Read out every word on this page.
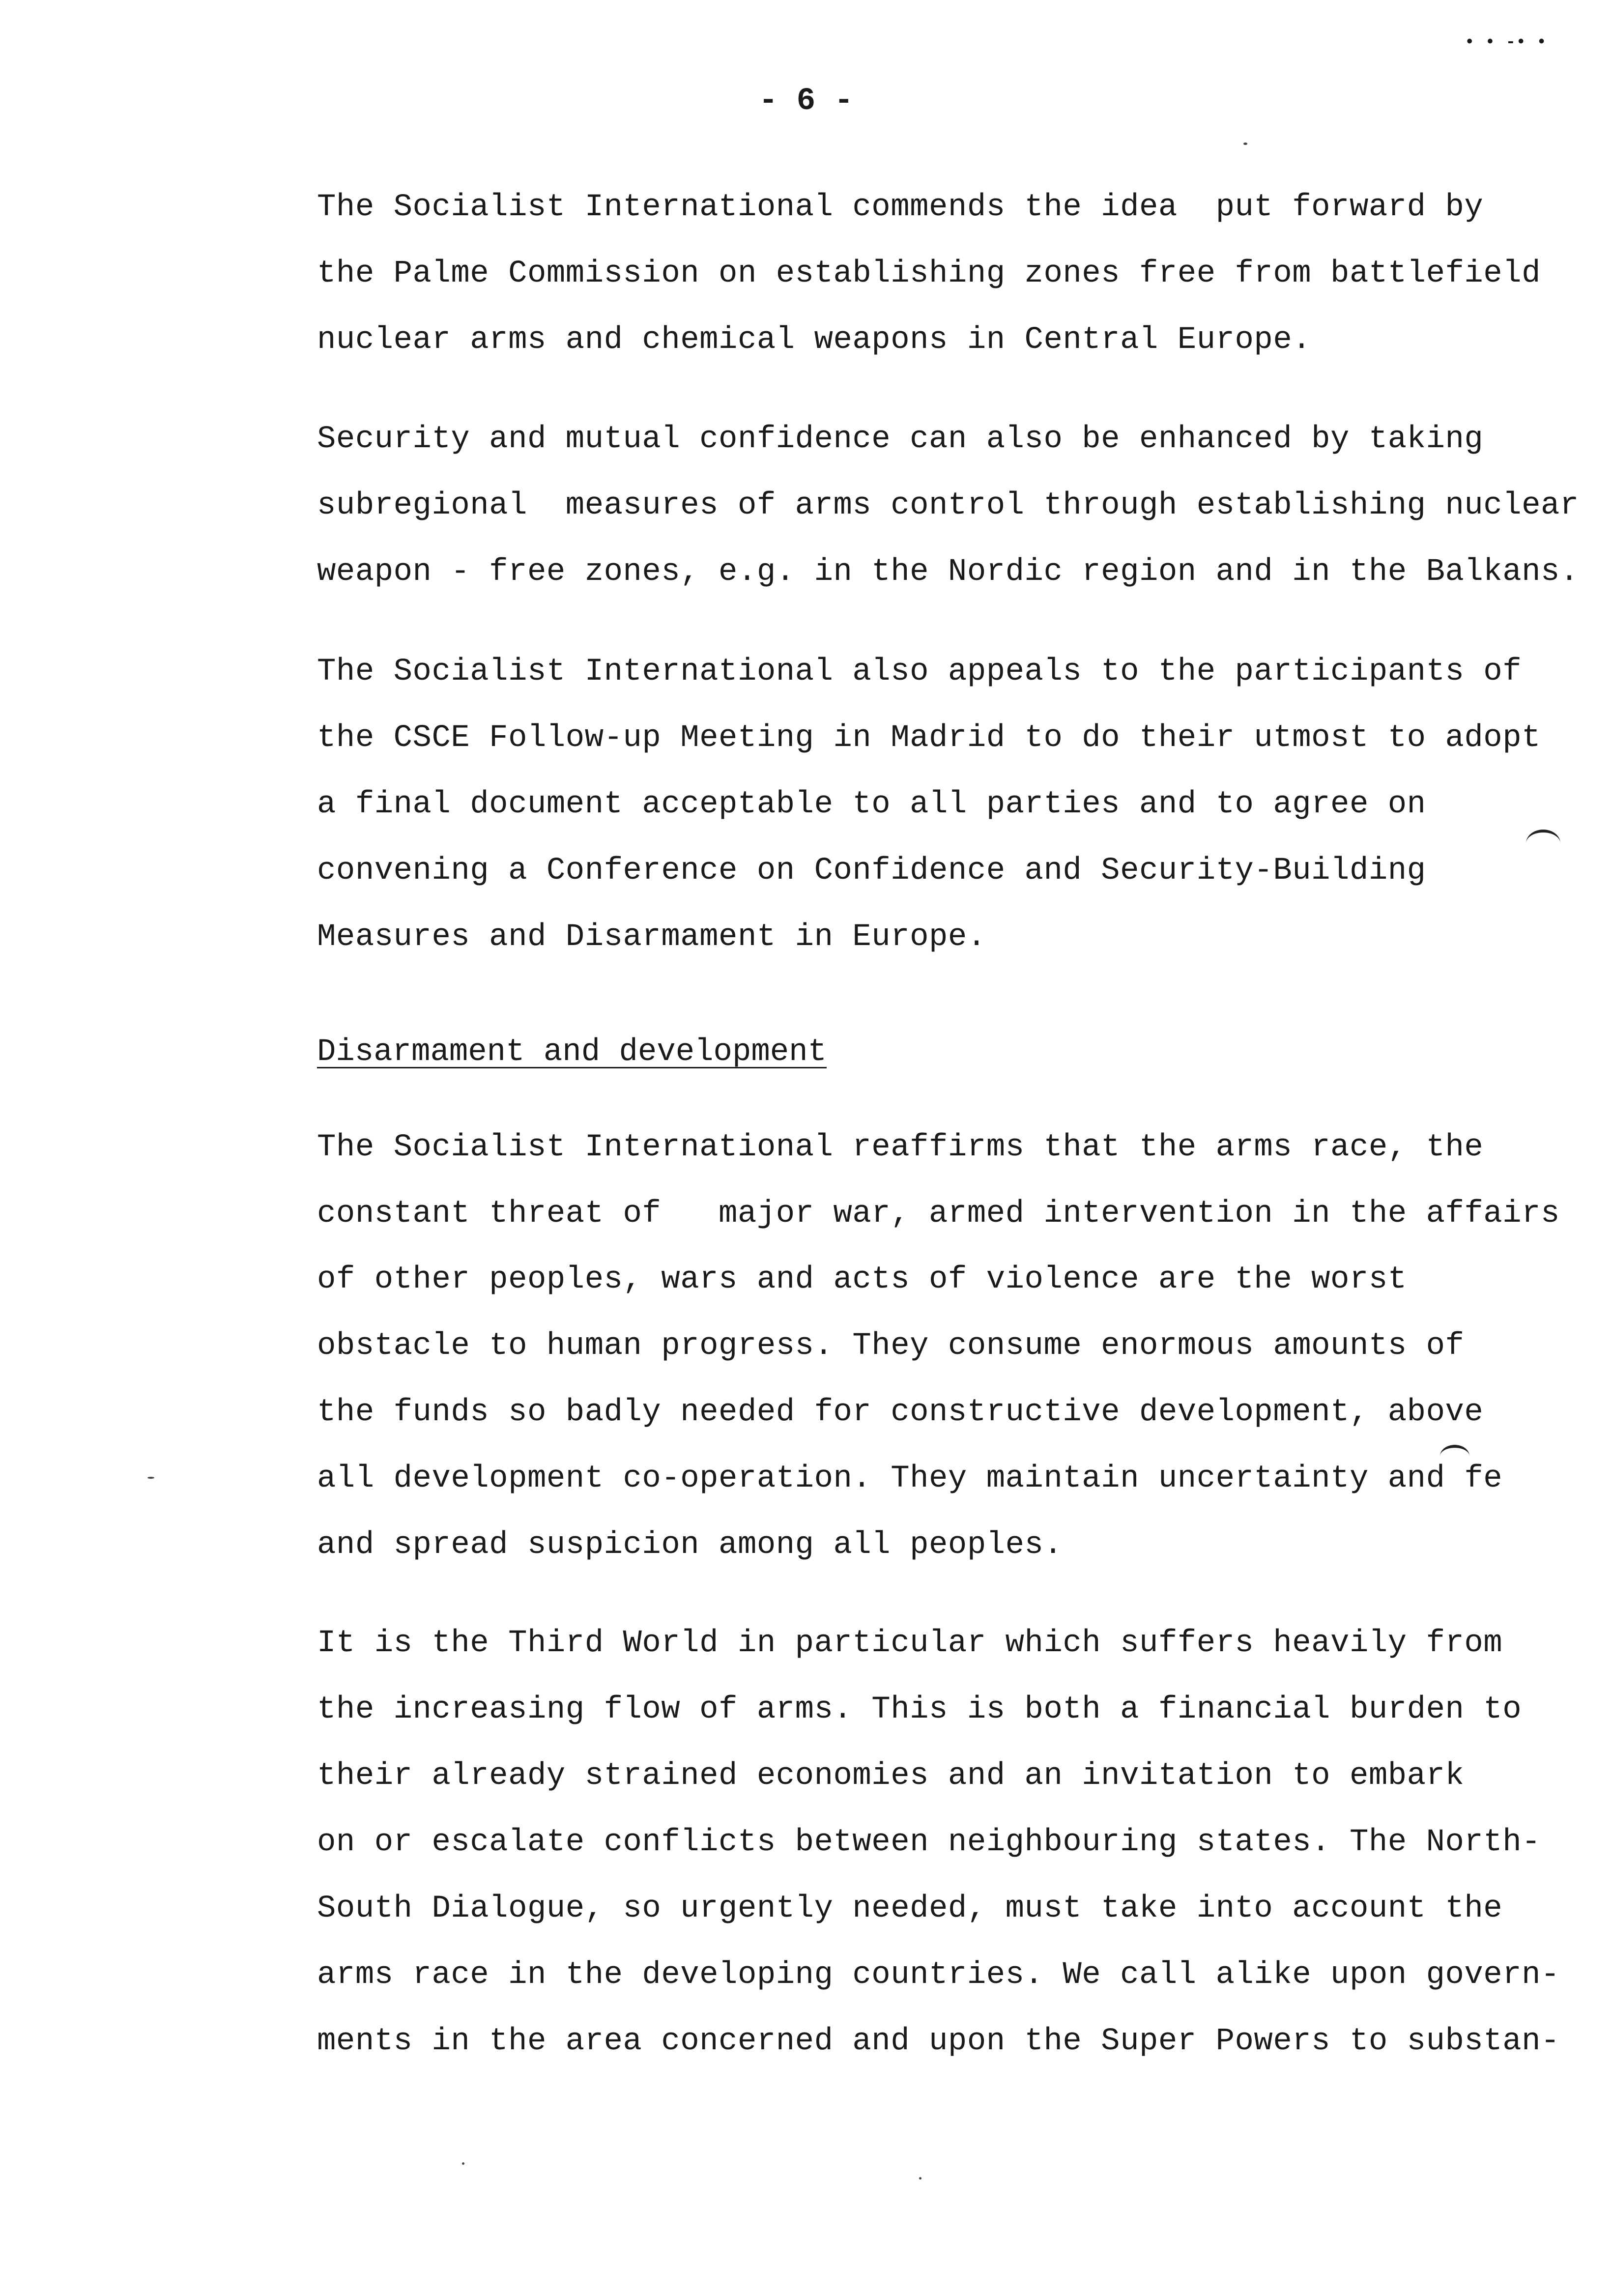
- 6 -
• • -• •
The Socialist International commends the idea  put forward by
the Palme Commission on establishing zones free from battlefield
nuclear arms and chemical weapons in Central Europe.
Security and mutual confidence can also be enhanced by taking
subregional  measures of arms control through establishing nuclear
weapon - free zones, e.g. in the Nordic region and in the Balkans.
The Socialist International also appeals to the participants of
the CSCE Follow-up Meeting in Madrid to do their utmost to adopt
a final document acceptable to all parties and to agree on
convening a Conference on Confidence and Security-Building
Measures and Disarmament in Europe.
Disarmament and development
The Socialist International reaffirms that the arms race, the
constant threat of   major war, armed intervention in the affairs
of other peoples, wars and acts of violence are the worst
obstacle to human progress. They consume enormous amounts of
the funds so badly needed for constructive development, above
all development co-operation. They maintain uncertainty and fe
and spread suspicion among all peoples.
It is the Third World in particular which suffers heavily from
the increasing flow of arms. This is both a financial burden to
their already strained economies and an invitation to embark
on or escalate conflicts between neighbouring states. The North-
South Dialogue, so urgently needed, must take into account the
arms race in the developing countries. We call alike upon govern-
ments in the area concerned and upon the Super Powers to substan-
